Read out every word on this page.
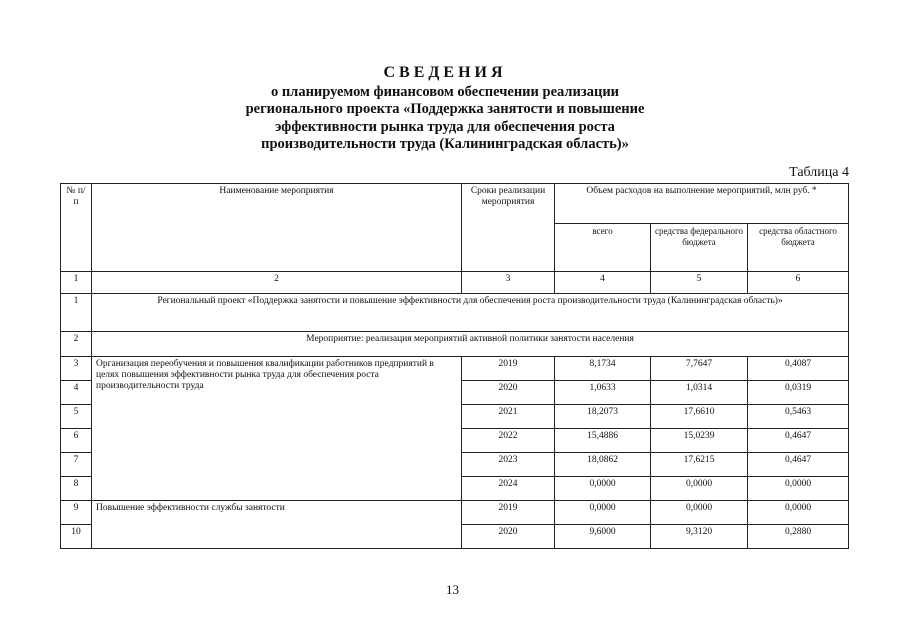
СВЕДЕНИЯ
о планируемом финансовом обеспечении реализации
регионального проекта «Поддержка занятости и повышение
эффективности рынка труда для обеспечения роста
производительности труда (Калининградская область)»
Таблица 4
№ п/п	Наименование мероприятия	Сроки реализации мероприятия	Объем расходов на выполнение мероприятий, млн руб. *		
			всего	средства федерального бюджета	средства областного бюджета
1	2	3	4	5	6
1	Региональный проект «Поддержка занятости и повышение эффективности для обеспечения роста производительности труда (Калининградская область)»				
2	Мероприятие: реализация мероприятий активной политики занятости населения				
3	Организация переобучения и повышения квалификации работников предприятий в целях повышения эффективности рынка труда для обеспечения роста производительности труда	2019	8,1734	7,7647	0,4087
4		2020	1,0633	1,0314	0,0319
5		2021	18,2073	17,6610	0,5463
6		2022	15,4886	15,0239	0,4647
7		2023	18,0862	17,6215	0,4647
8		2024	0,0000	0,0000	0,0000
9	Повышение эффективности службы занятости	2019	0,0000	0,0000	0,0000
10		2020	9,6000	9,3120	0,2880
13
